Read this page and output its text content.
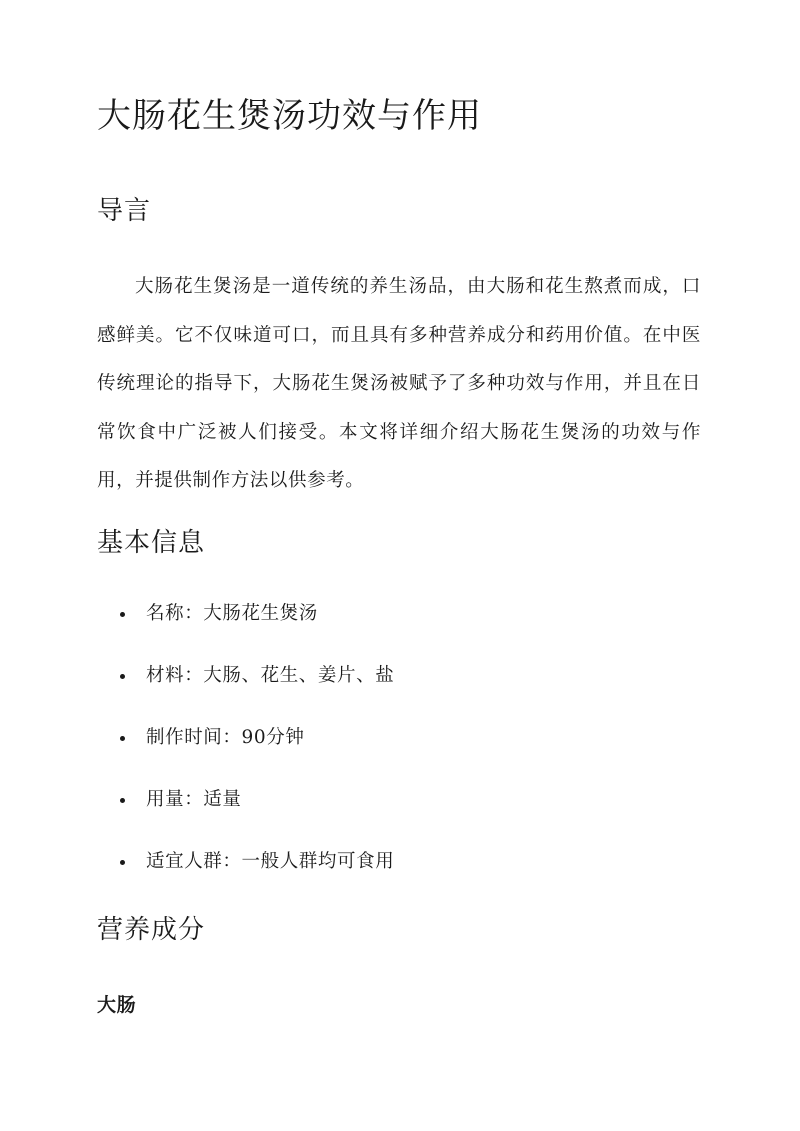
大肠花生煲汤功效与作用
导言

大肠花生煲汤是一道传统的养生汤品，由大肠和花生熬煮而成，口感鲜美。它不仅味道可口，而且具有多种营养成分和药用价值。在中医传统理论的指导下，大肠花生煲汤被赋予了多种功效与作用，并且在日常饮食中广泛被人们接受。本文将详细介绍大肠花生煲汤的功效与作用，并提供制作方法以供参考。

基本信息
名称：大肠花生煲汤
材料：大肠、花生、姜片、盐
制作时间：90分钟
用量：适量
适宜人群：一般人群均可食用
营养成分
大肠
